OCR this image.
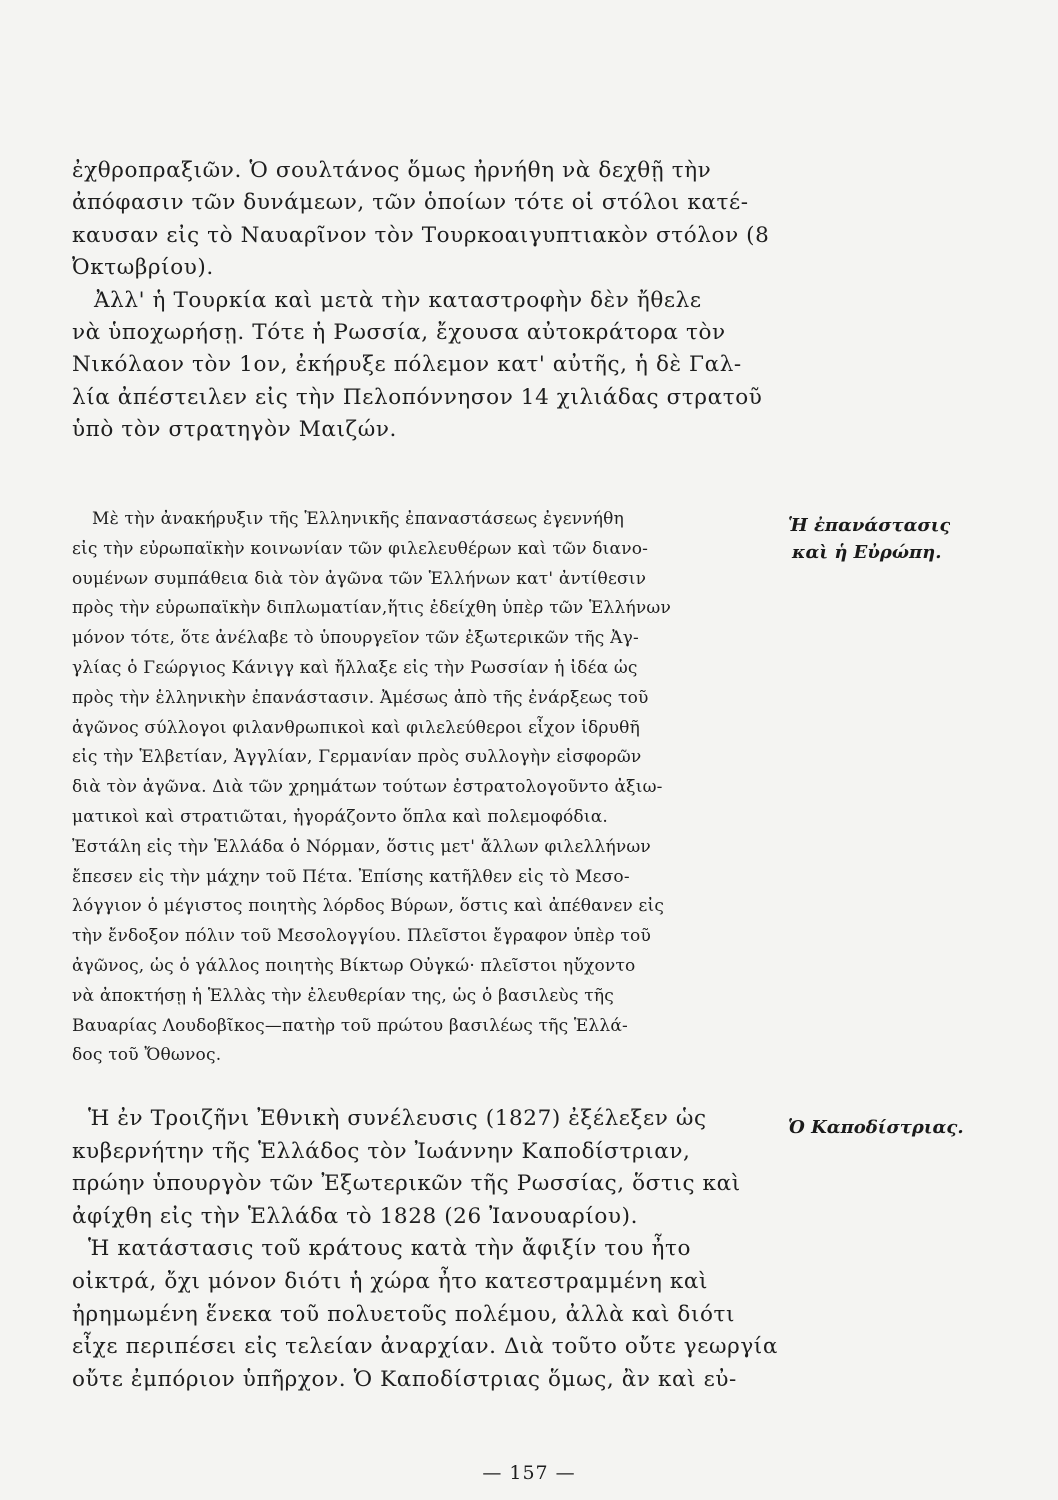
ἐχθροπραξιῶν. Ὁ σουλτάνος ὅμως ἠρνήθη νὰ δεχθῇ τὴν
ἀπόφασιν τῶν δυνάμεων, τῶν ὁποίων τότε οἱ στόλοι κατέ-
καυσαν εἰς τὸ Ναυαρῖνον τὸν Τουρκοαιγυπτιακὸν στόλον (8
Ὀκτωβρίου).
Ἀλλ' ἡ Τουρκία καὶ μετὰ τὴν καταστροφὴν δὲν ἤθελε
νὰ ὑποχωρήσῃ. Τότε ἡ Ρωσσία, ἔχουσα αὐτοκράτορα τὸν
Νικόλαον τὸν 1ον, ἐκήρυξε πόλεμον κατ' αὐτῆς, ἡ δὲ Γαλ-
λία ἀπέστειλεν εἰς τὴν Πελοπόννησον 14 χιλιάδας στρατοῦ
ὑπὸ τὸν στρατηγὸν Μαιζών.
Μὲ τὴν ἀνακήρυξιν τῆς Ἑλληνικῆς ἐπαναστάσεως ἐγεννήθη
εἰς τὴν εὐρωπαϊκὴν κοινωνίαν τῶν φιλελευθέρων καὶ τῶν διανο-
ουμένων συμπάθεια διὰ τὸν ἀγῶνα τῶν Ἑλλήνων κατ' ἀντίθεσιν
πρὸς τὴν εὐρωπαϊκὴν διπλωματίαν,ἥτις ἐδείχθη ὑπὲρ τῶν Ἑλλήνων
μόνον τότε, ὅτε ἀνέλαβε τὸ ὑπουργεῖον τῶν ἐξωτερικῶν τῆς Ἀγ-
γλίας ὁ Γεώργιος Κάνιγγ καὶ ἤλλαξε εἰς τὴν Ρωσσίαν ἡ ἰδέα ὡς
πρὸς τὴν ἑλληνικὴν ἐπανάστασιν. Ἀμέσως ἀπὸ τῆς ἐνάρξεως τοῦ
ἀγῶνος σύλλογοι φιλανθρωπικοὶ καὶ φιλελεύθεροι εἶχον ἱδρυθῆ
εἰς τὴν Ἑλβετίαν, Ἀγγλίαν, Γερμανίαν πρὸς συλλογὴν εἰσφορῶν
διὰ τὸν ἀγῶνα. Διὰ τῶν χρημάτων τούτων ἐστρατολογοῦντο ἀξιω-
ματικοὶ καὶ στρατιῶται, ἠγοράζοντο ὅπλα καὶ πολεμοφόδια.
Ἐστάλη εἰς τὴν Ἑλλάδα ὁ Νόρμαν, ὅστις μετ' ἄλλων φιλελλήνων
ἔπεσεν εἰς τὴν μάχην τοῦ Πέτα. Ἐπίσης κατῆλθεν εἰς τὸ Μεσο-
λόγγιον ὁ μέγιστος ποιητὴς λόρδος Βύρων, ὅστις καὶ ἀπέθανεν εἰς
τὴν ἔνδοξον πόλιν τοῦ Μεσολογγίου. Πλεῖστοι ἔγραφον ὑπὲρ τοῦ
ἀγῶνος, ὡς ὁ γάλλος ποιητὴς Βίκτωρ Οὐγκώ· πλεῖστοι ηὔχοντο
νὰ ἀποκτήσῃ ἡ Ἑλλὰς τὴν ἐλευθερίαν της, ὡς ὁ βασιλεὺς τῆς
Βαυαρίας Λουδοβῖκος—πατὴρ τοῦ πρώτου βασιλέως τῆς Ἑλλά-
δος τοῦ Ὄθωνος.
Ἡ ἐν Τροιζῆνι Ἐθνικὴ συνέλευσις (1827) ἐξέλεξεν ὡς
κυβερνήτην τῆς Ἑλλάδος τὸν Ἰωάννην Καποδίστριαν,
πρώην ὑπουργὸν τῶν Ἐξωτερικῶν τῆς Ρωσσίας, ὅστις καὶ
ἀφίχθη εἰς τὴν Ἑλλάδα τὸ 1828 (26 Ἰανουαρίου).
Ἡ κατάστασις τοῦ κράτους κατὰ τὴν ἄφιξίν του ἦτο
οἰκτρά, ὄχι μόνον διότι ἡ χώρα ἦτο κατεστραμμένη καὶ
ἠρημωμένη ἕνεκα τοῦ πολυετοῦς πολέμου, ἀλλὰ καὶ διότι
εἶχε περιπέσει εἰς τελείαν ἀναρχίαν. Διὰ τοῦτο οὔτε γεωργία
οὔτε ἐμπόριον ὑπῆρχον. Ὁ Καποδίστριας ὅμως, ἂν καὶ εὐ-
Ἡ ἐπανάστασις
καὶ ἡ Εὐρώπη.
Ὁ Καποδίστριας.
— 157 —
